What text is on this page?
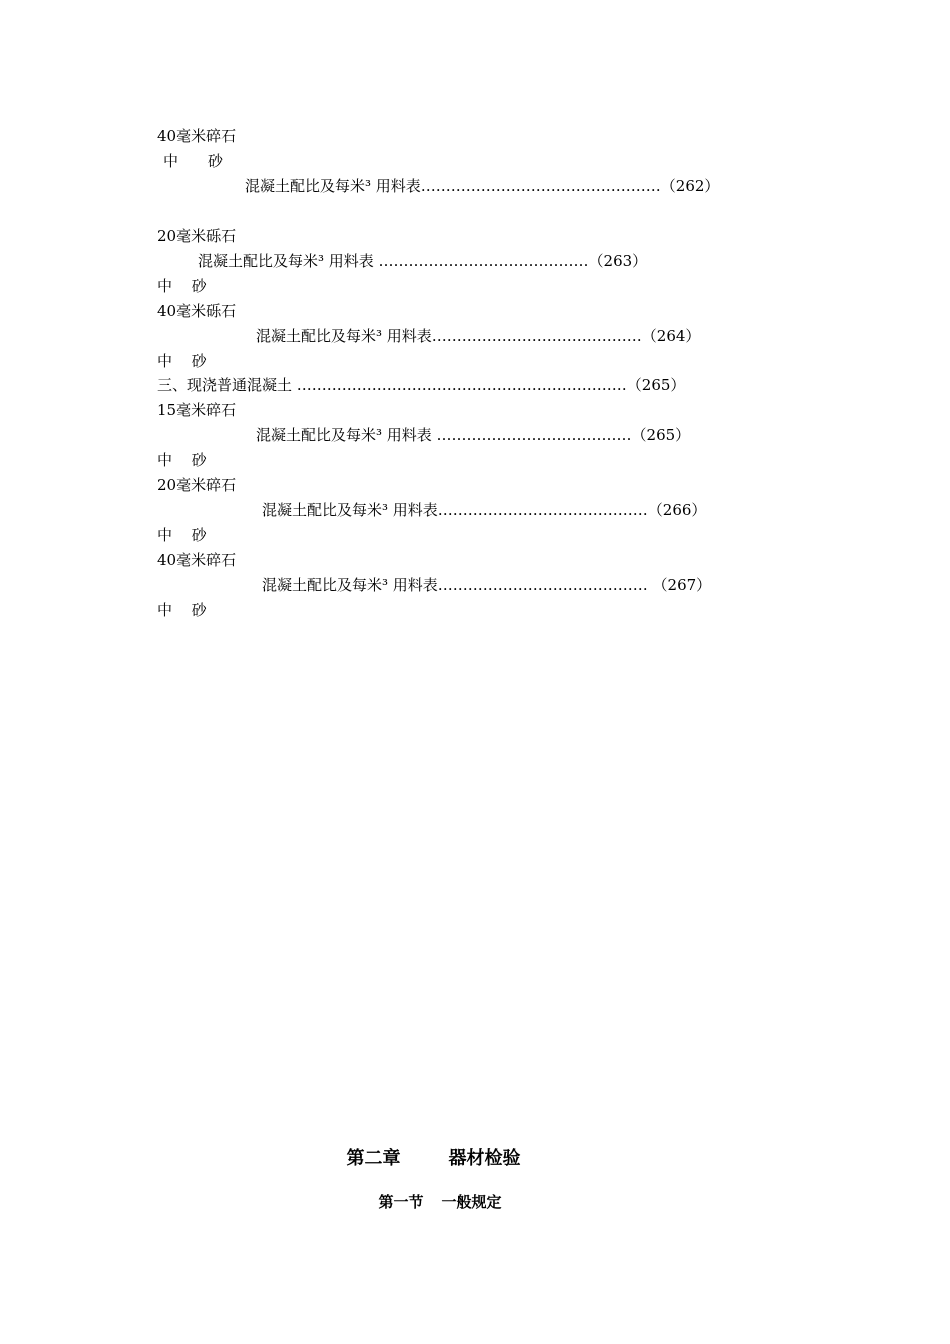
40毫米碎石
中　　砂
混凝土配比及每米³ 用料表…………………………………………（262）
20毫米砾石
混凝土配比及每米³ 用料表 ……………………………………（263）
中　 砂
40毫米砾石
混凝土配比及每米³ 用料表……………………………………（264）
中　 砂
三、现浇普通混凝土 …………………………………………………………（265）
15毫米碎石
混凝土配比及每米³ 用料表 …………………………………（265）
中　 砂
20毫米碎石
混凝土配比及每米³ 用料表……………………………………（266）
中　 砂
40毫米碎石
混凝土配比及每米³ 用料表…………………………………… （267）
中　 砂

第二章	器材检验

第一节 一般规定
